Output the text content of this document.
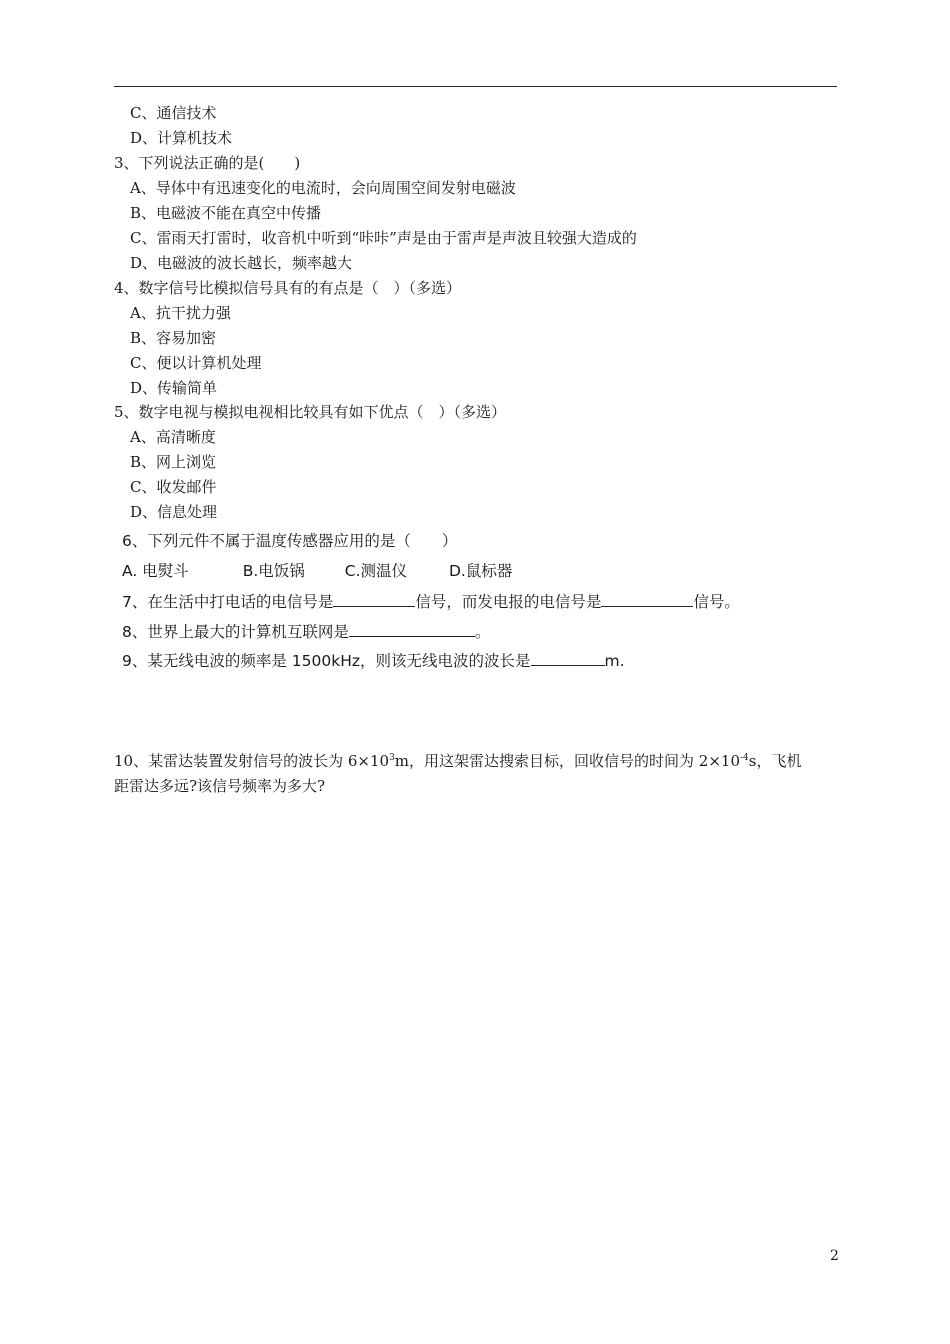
C、通信技术
D、计算机技术
3、下列说法正确的是(　　)
A、导体中有迅速变化的电流时，会向周围空间发射电磁波
B、电磁波不能在真空中传播
C、雷雨天打雷时，收音机中听到“咔咔”声是由于雷声是声波且较强大造成的
D、电磁波的波长越长，频率越大
4、数字信号比模拟信号具有的有点是（　）（多选）
A、抗干扰力强
B、容易加密
C、便以计算机处理
D、传输简单
5、数字电视与模拟电视相比较具有如下优点（　）（多选）
A、高清晰度
B、网上浏览
C、收发邮件
D、信息处理
6、下列元件不属于温度传感器应用的是（　　）
A. 电熨斗	B.电饭锅	C.测温仪	D.鼠标器
7、在生活中打电话的电信号是	信号，而发电报的电信号是	信号。
8、世界上最大的计算机互联网是	。
9、某无线电波的频率是 1500kHz，则该无线电波的波长是	m.
10、某雷达装置发射信号的波长为 $6\times 10^3m$，用这架雷达搜索目标，回收信号的时间为 $2\times 10^{-4}s$，飞机
距雷达多远?该信号频率为多大?
2
